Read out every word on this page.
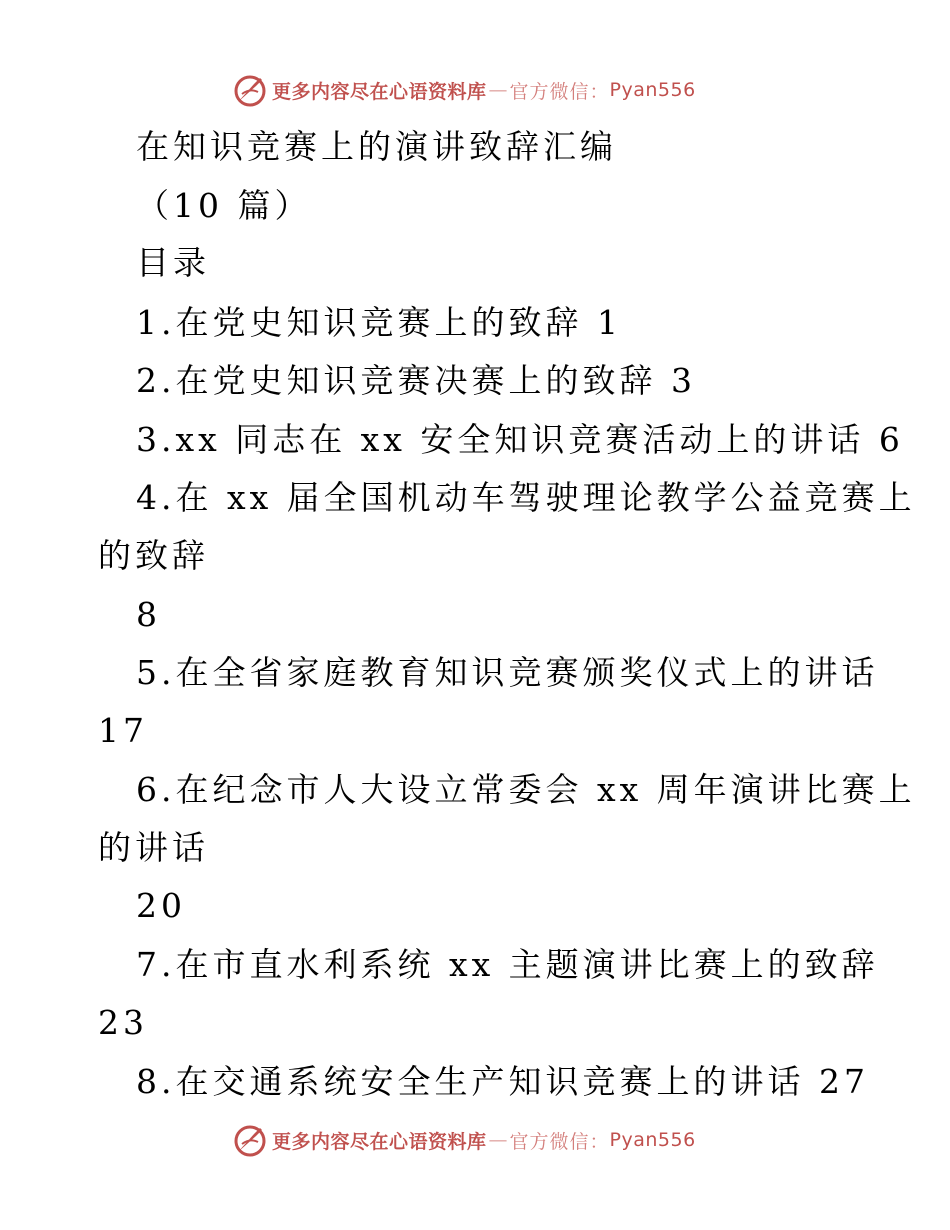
更多内容尽在心语资料库 — 官方微信： Pyan556
在知识竞赛上的演讲致辞汇编
（10 篇）
目录
1.在党史知识竞赛上的致辞 1
2.在党史知识竞赛决赛上的致辞 3
3.xx 同志在 xx 安全知识竞赛活动上的讲话 6
4.在 xx 届全国机动车驾驶理论教学公益竞赛上
的致辞
8
5.在全省家庭教育知识竞赛颁奖仪式上的讲话
17
6.在纪念市人大设立常委会 xx 周年演讲比赛上
的讲话
20
7.在市直水利系统 xx 主题演讲比赛上的致辞
23
8.在交通系统安全生产知识竞赛上的讲话 27
更多内容尽在心语资料库 — 官方微信： Pyan556
